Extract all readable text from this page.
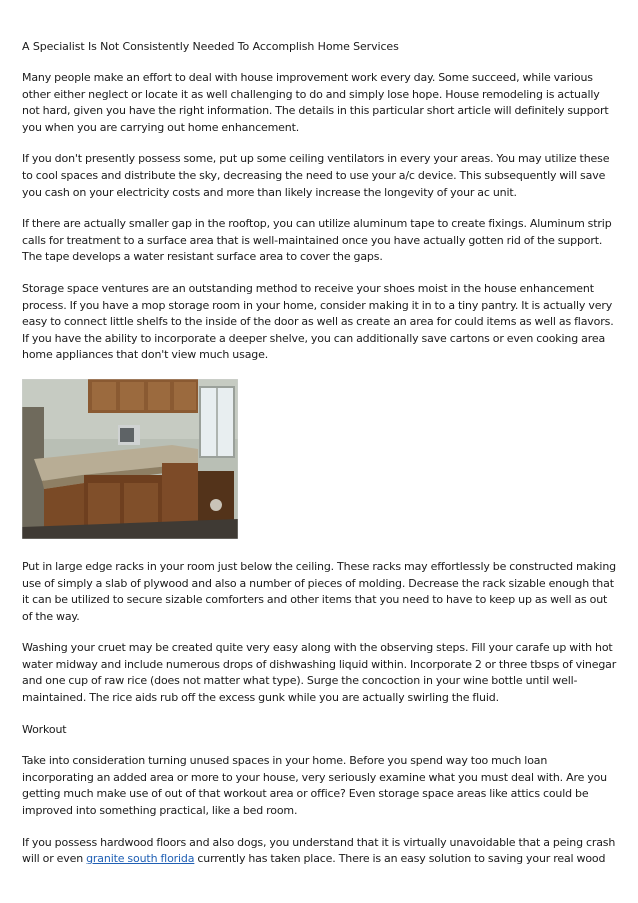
A Specialist Is Not Consistently Needed To Accomplish Home Services

Many people make an effort to deal with house improvement work every day. Some succeed, while various other either neglect or locate it as well challenging to do and simply lose hope. House remodeling is actually not hard, given you have the right information. The details in this particular short article will definitely support you when you are carrying out home enhancement.

If you don't presently possess some, put up some ceiling ventilators in every your areas. You may utilize these to cool spaces and distribute the sky, decreasing the need to use your a/c device. This subsequently will save you cash on your electricity costs and more than likely increase the longevity of your ac unit.

If there are actually smaller gap in the rooftop, you can utilize aluminum tape to create fixings. Aluminum strip calls for treatment to a surface area that is well-maintained once you have actually gotten rid of the support. The tape develops a water resistant surface area to cover the gaps.

Storage space ventures are an outstanding method to receive your shoes moist in the house enhancement process. If you have a mop storage room in your home, consider making it in to a tiny pantry. It is actually very easy to connect little shelfs to the inside of the door as well as create an area for could items as well as flavors. If you have the ability to incorporate a deeper shelve, you can additionally save cartons or even cooking area home appliances that don't view much usage.

Put in large edge racks in your room just below the ceiling. These racks may effortlessly be constructed making use of simply a slab of plywood and also a number of pieces of molding. Decrease the rack sizable enough that it can be utilized to secure sizable comforters and other items that you need to have to keep up as well as out of the way.

Washing your cruet may be created quite very easy along with the observing steps. Fill your carafe up with hot water midway and include numerous drops of dishwashing liquid within. Incorporate 2 or three tbsps of vinegar and one cup of raw rice (does not matter what type). Surge the concoction in your wine bottle until well-maintained. The rice aids rub off the excess gunk while you are actually swirling the fluid.

Workout

Take into consideration turning unused spaces in your home. Before you spend way too much loan incorporating an added area or more to your house, very seriously examine what you must deal with. Are you getting much make use of out of that workout area or office? Even storage space areas like attics could be improved into something practical, like a bed room.

If you possess hardwood floors and also dogs, you understand that it is virtually unavoidable that a peing crash will or even granite south florida currently has taken place. There is an easy solution to saving your real wood
